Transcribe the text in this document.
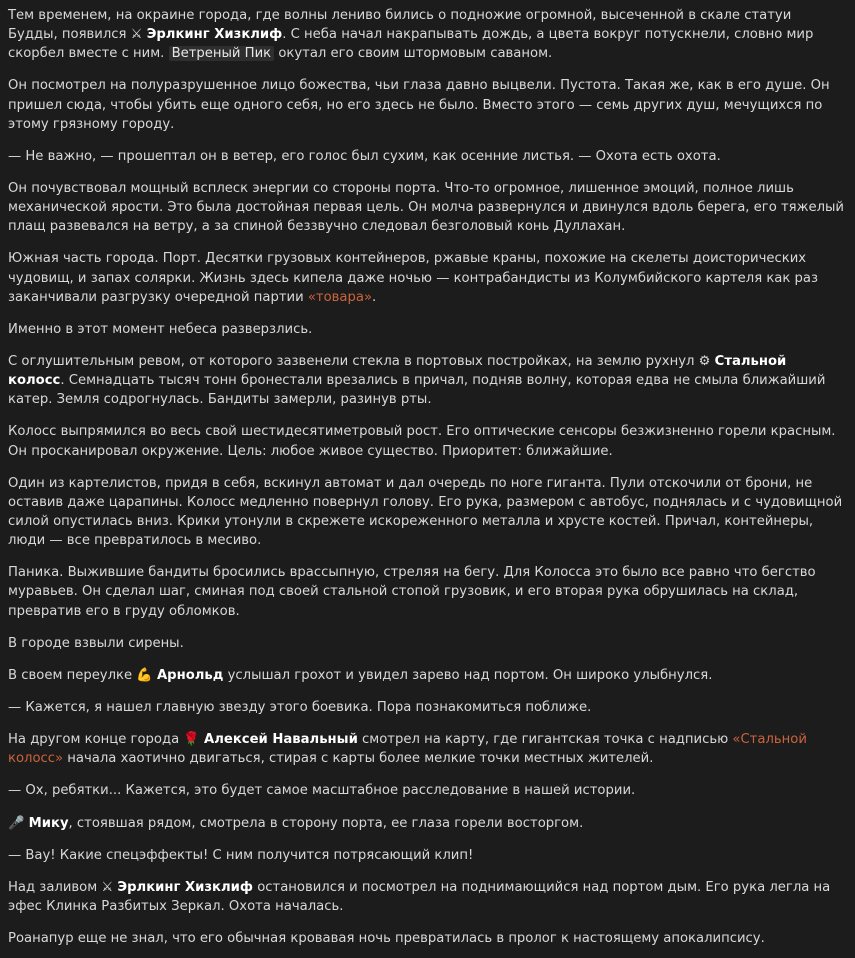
Тем временем, на окраине города, где волны лениво бились о подножие огромной, высеченной в скале статуи Будды, появился ⚔ Эрлкинг Хизклиф. С неба начал накрапывать дождь, а цвета вокруг потускнели, словно мир скорбел вместе с ним. Ветреный Пик окутал его своим штормовым саваном.

Он посмотрел на полуразрушенное лицо божества, чьи глаза давно выцвели. Пустота. Такая же, как в его душе. Он пришел сюда, чтобы убить еще одного себя, но его здесь не было. Вместо этого — семь других душ, мечущихся по этому грязному городу.

— Не важно, — прошептал он в ветер, его голос был сухим, как осенние листья. — Охота есть охота.

Он почувствовал мощный всплеск энергии со стороны порта. Что-то огромное, лишенное эмоций, полное лишь механической ярости. Это была достойная первая цель. Он молча развернулся и двинулся вдоль берега, его тяжелый плащ развевался на ветру, а за спиной беззвучно следовал безголовый конь Дуллахан.

Южная часть города. Порт. Десятки грузовых контейнеров, ржавые краны, похожие на скелеты доисторических чудовищ, и запах солярки. Жизнь здесь кипела даже ночью — контрабандисты из Колумбийского картеля как раз заканчивали разгрузку очередной партии «товара».

Именно в этот момент небеса разверзлись.

С оглушительным ревом, от которого зазвенели стекла в портовых постройках, на землю рухнул ⚙ Стальной колосс. Семнадцать тысяч тонн бронестали врезались в причал, подняв волну, которая едва не смыла ближайший катер. Земля содрогнулась. Бандиты замерли, разинув рты.

Колосс выпрямился во весь свой шестидесятиметровый рост. Его оптические сенсоры безжизненно горели красным. Он просканировал окружение. Цель: любое живое существо. Приоритет: ближайшие.

Один из картелистов, придя в себя, вскинул автомат и дал очередь по ноге гиганта. Пули отскочили от брони, не оставив даже царапины. Колосс медленно повернул голову. Его рука, размером с автобус, поднялась и с чудовищной силой опустилась вниз. Крики утонули в скрежете искореженного металла и хрусте костей. Причал, контейнеры, люди — все превратилось в месиво.

Паника. Выжившие бандиты бросились врассыпную, стреляя на бегу. Для Колосса это было все равно что бегство муравьев. Он сделал шаг, сминая под своей стальной стопой грузовик, и его вторая рука обрушилась на склад, превратив его в груду обломков.

В городе взвыли сирены.

В своем переулке 💪 Арнольд услышал грохот и увидел зарево над портом. Он широко улыбнулся.

— Кажется, я нашел главную звезду этого боевика. Пора познакомиться поближе.

На другом конце города 🌹 Алексей Навальный смотрел на карту, где гигантская точка с надписью «Стальной колосс» начала хаотично двигаться, стирая с карты более мелкие точки местных жителей.

— Ох, ребятки... Кажется, это будет самое масштабное расследование в нашей истории.

🎤 Мику, стоявшая рядом, смотрела в сторону порта, ее глаза горели восторгом.

— Вау! Какие спецэффекты! С ним получится потрясающий клип!

Над заливом ⚔ Эрлкинг Хизклиф остановился и посмотрел на поднимающийся над портом дым. Его рука легла на эфес Клинка Разбитых Зеркал. Охота началась.

Роанапур еще не знал, что его обычная кровавая ночь превратилась в пролог к настоящему апокалипсису.
